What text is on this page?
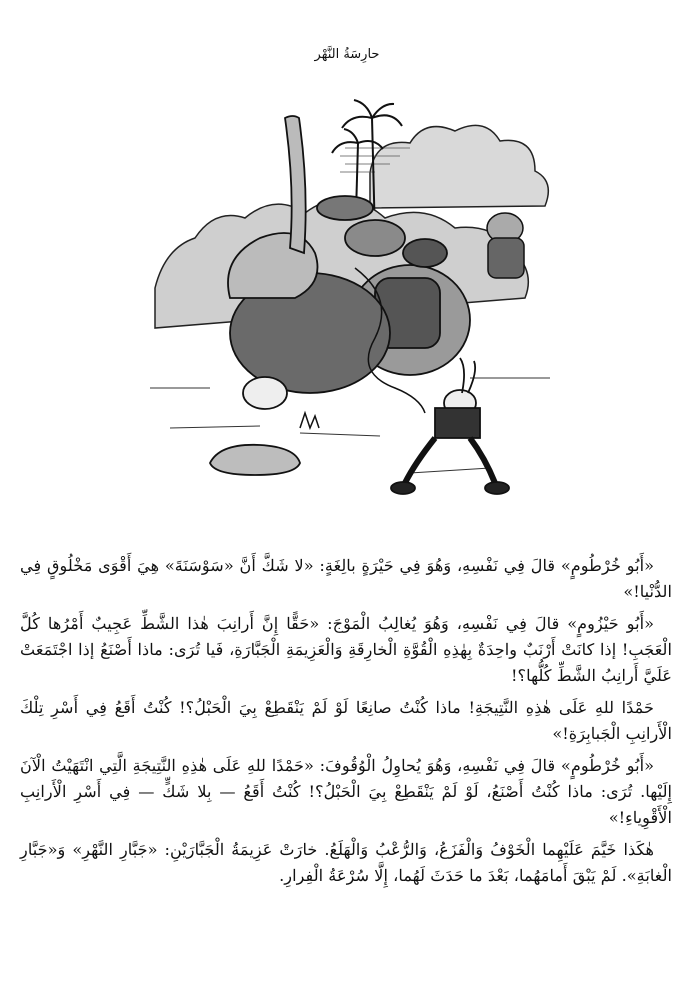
حارِسَةُ النَّهْر

«أَبُو خُرْطُومٍ» قالَ فِي نَفْسِهِ، وَهُوَ فِي حَيْرَةٍ بالِغَةٍ: «لا شَكَّ أَنَّ «سَوْسَنَةَ» هِيَ أَقْوَى مَخْلُوقٍ فِي الدُّنْيا!»

«أَبُو حَيْزُومٍ» قالَ فِي نَفْسِهِ، وَهُوَ يُغالِبُ الْمَوْجَ: «حَقًّا إِنَّ أَرانِبَ هٰذا الشَّطِّ عَجِيبٌ أَمْرُها كُلَّ الْعَجَبِ! إذا كانَتْ أَرْنَبٌ واحِدَةٌ بِهٰذِهِ الْقُوَّةِ الْخارِقَةِ وَالْعَزِيمَةِ الْجَبَّارَةِ، فَيا تُرَى: ماذا أَصْنَعُ إذا اجْتَمَعَتْ عَلَيَّ أَرانِبُ الشَّطِّ كُلُّها؟!

حَمْدًا للهِ عَلَى هٰذِهِ النَّتِيجَةِ! ماذا كُنْتُ صانِعًا لَوْ لَمْ يَنْقَطِعْ بِيَ الْحَبْلُ؟! كُنْتُ أَقَعُ فِي أَسْرِ تِلْكَ الْأَرانِبِ الْجَبابِرَةِ!»

«أَبُو خُرْطُومٍ» قالَ فِي نَفْسِهِ، وَهُوَ يُحاوِلُ الْوُقُوفَ: «حَمْدًا للهِ عَلَى هٰذِهِ النَّتِيجَةِ الَّتِي انْتَهَيْتُ الْآنَ إِلَيْها. تُرَى: ماذا كُنْتُ أَصْنَعُ، لَوْ لَمْ يَنْقَطِعْ بِيَ الْحَبْلُ؟! كُنْتُ أَقَعُ — بِلا شَكٍّ — فِي أَسْرِ الْأَرانِبِ الْأَقْوِياءِ!»

هٰكَذا خَيَّمَ عَلَيْهِما الْخَوْفُ وَالْفَزَعُ، وَالرُّعْبُ وَالْهَلَعُ. خارَتْ عَزِيمَةُ الْجَبَّارَيْنِ: «جَبَّارِ النَّهْرِ» وَ«جَبَّارِ الْغابَةِ». لَمْ يَبْقَ أَمامَهُما، بَعْدَ ما حَدَثَ لَهُما، إِلَّا سُرْعَةُ الْفِرارِ.
